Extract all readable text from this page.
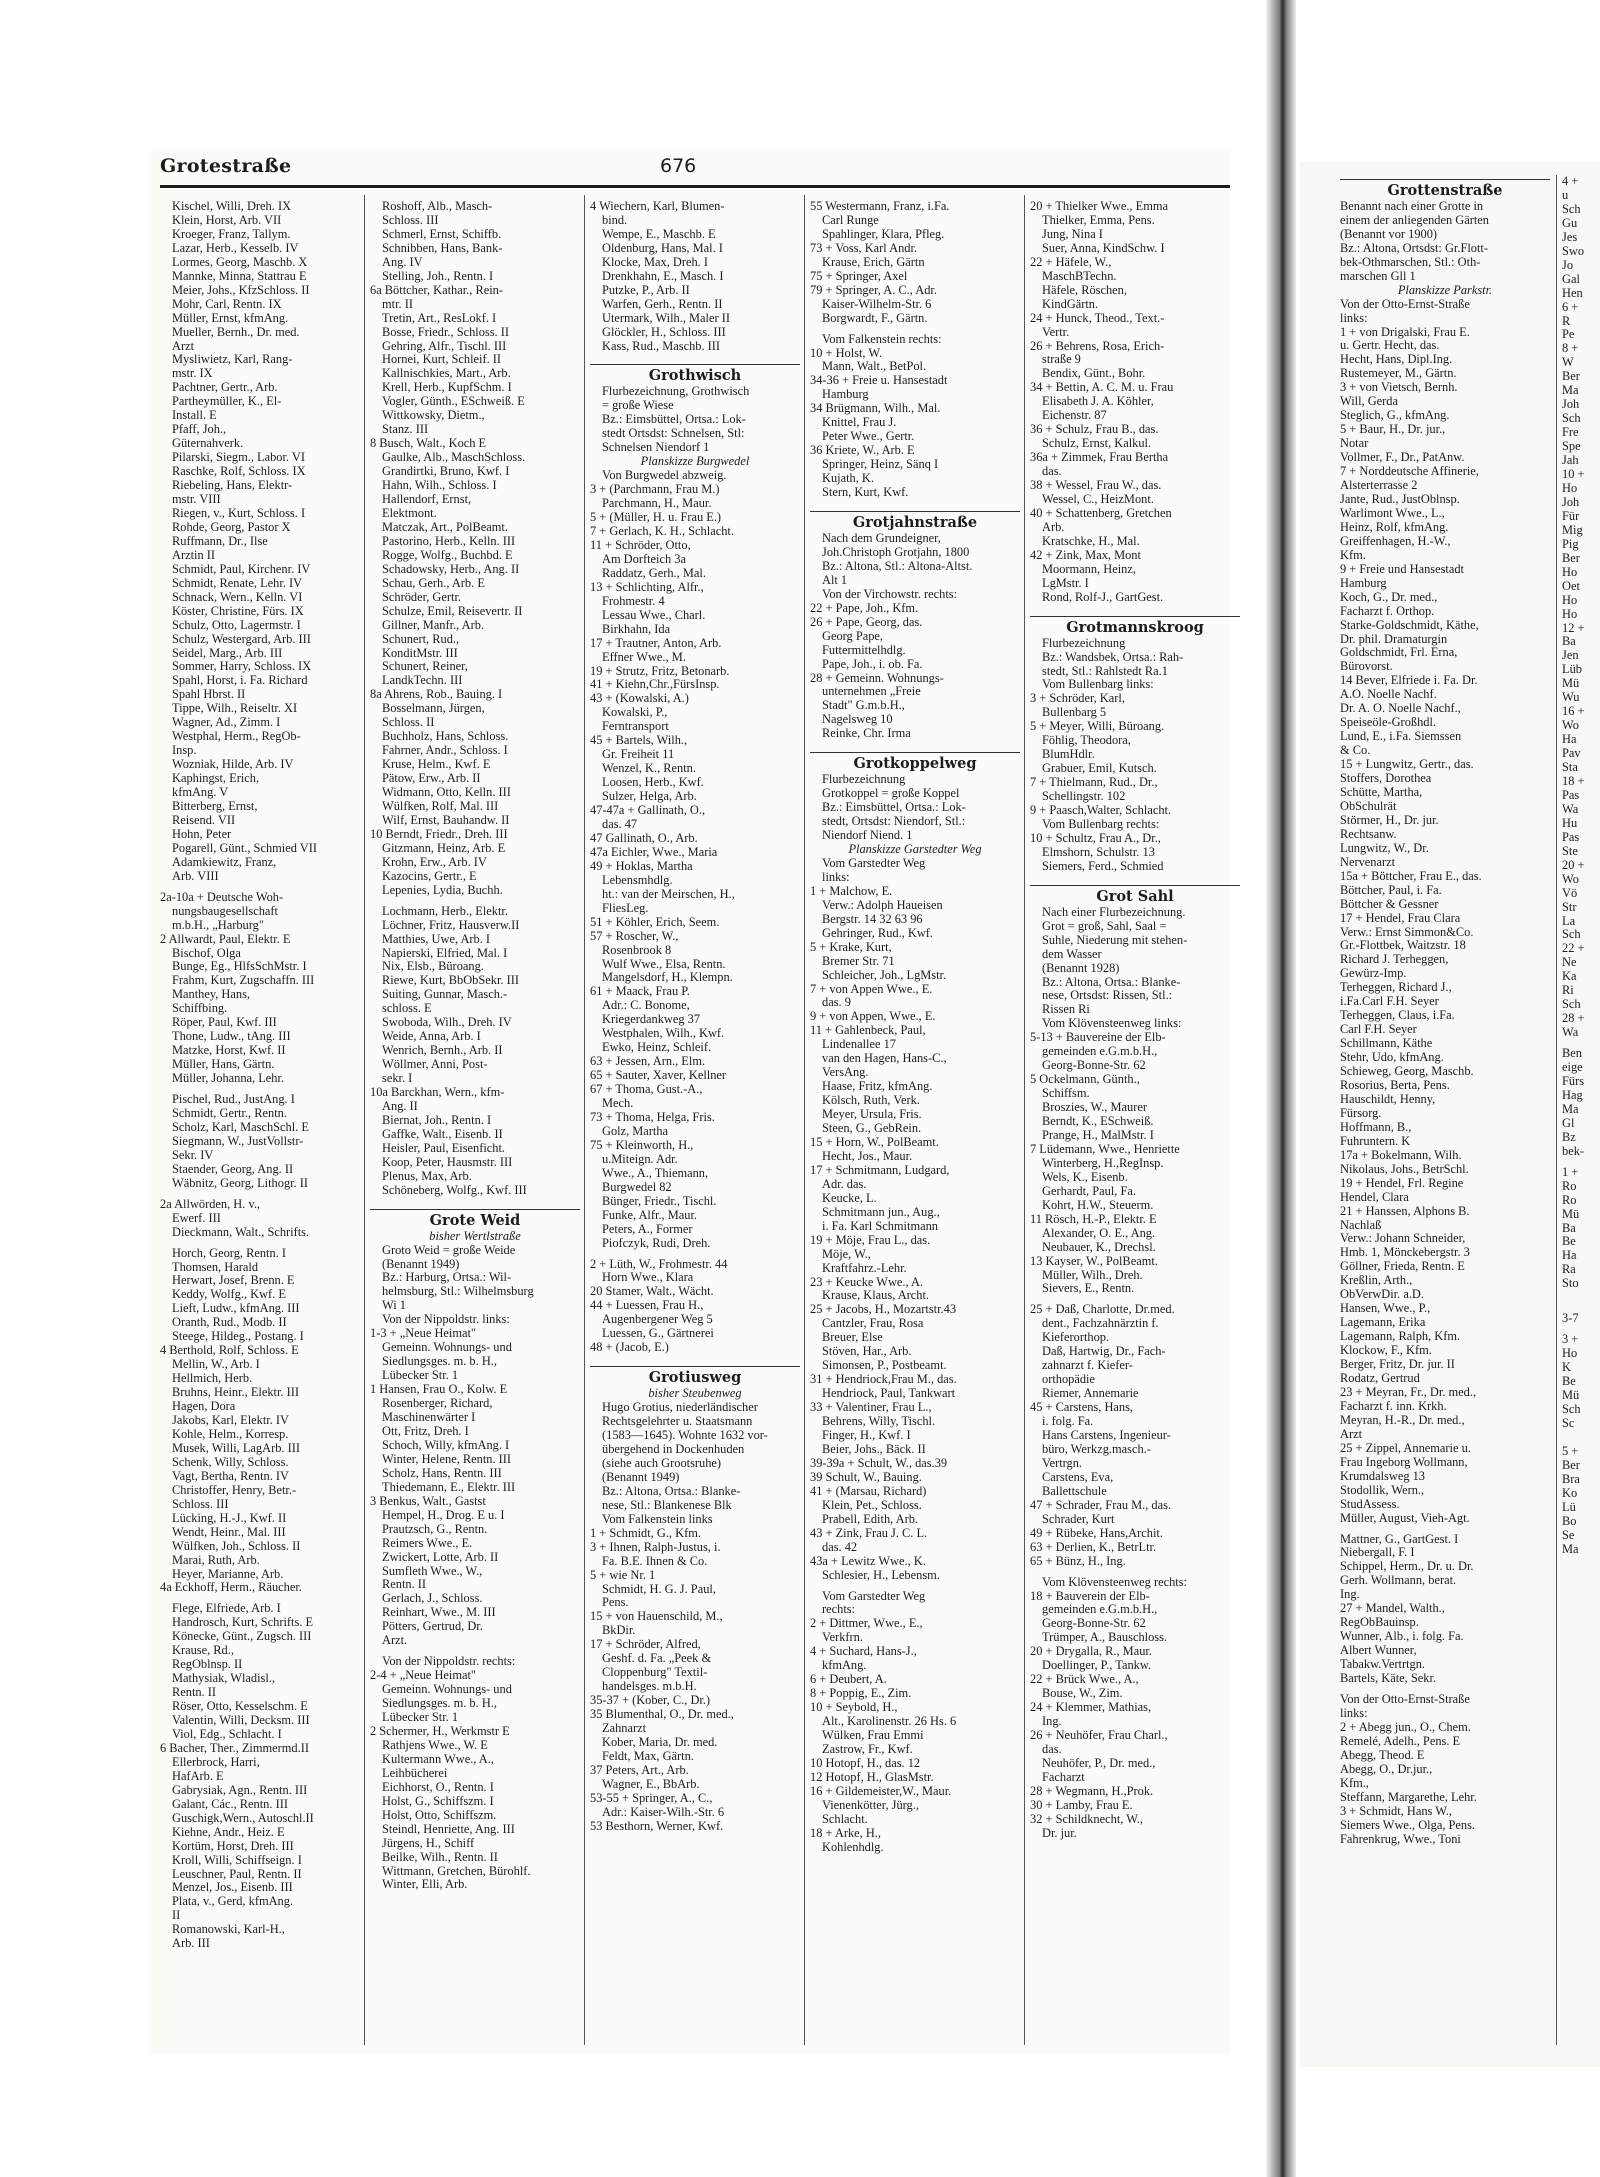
Grotestraße	676
Kischel, Willi, Dreh. IX
Klein, Horst, Arb. VII
Kroeger, Franz, Tallym.
Lazar, Herb., Kesselb. IV
Lormes, Georg, Maschb. X
Mannke, Minna, Stattrau E
Meier, Johs., KfzSchloss. II
Mohr, Carl, Rentn. IX
Müller, Ernst, kfmAng.
Mueller, Bernh., Dr. med.
Arzt
Mysliwietz, Karl, Rang-
mstr. IX
Pachtner, Gertr., Arb.
Partheymüller, K., El-
Install. E
Pfaff, Joh.,
Güternahverk.
Pilarski, Siegm., Labor. VI
Raschke, Rolf, Schloss. IX
Riebeling, Hans, Elektr-
mstr. VIII
Riegen, v., Kurt, Schloss. I
Rohde, Georg, Pastor X
Ruffmann, Dr., Ilse
Arztin II
Schmidt, Paul, Kirchenr. IV
Schmidt, Renate, Lehr. IV
Schnack, Wern., Kelln. VI
Köster, Christine, Fürs. IX
Schulz, Otto, Lagermstr. I
Schulz, Westergard, Arb. III
Seidel, Marg., Arb. III
Sommer, Harry, Schloss. IX
Spahl, Horst, i. Fa. Richard
Spahl Hbrst. II
Tippe, Wilh., Reiseltr. XI
Wagner, Ad., Zimm. I
Westphal, Herm., RegOb-
Insp.
Wozniak, Hilde, Arb. IV
Kaphingst, Erich,
kfmAng. V
Bitterberg, Ernst,
Reisend. VII
Hohn, Peter
Pogarell, Günt., Schmied VII
Adamkiewitz, Franz,
Arb. VIII
2a-10a + Deutsche Woh-
nungsbaugesellschaft
m.b.H., „Harburg"
2 Allwardt, Paul, Elektr. E
Bischof, Olga
Bunge, Eg., HlfsSchMstr. I
Frahm, Kurt, Zugschaffn. III
Manthey, Hans,
Schiffbing.
Röper, Paul, Kwf. III
Thone, Ludw., tAng. III
Matzke, Horst, Kwf. II
Müller, Hans, Gärtn.
Müller, Johanna, Lehr.
Pischel, Rud., JustAng. I
Schmidt, Gertr., Rentn.
Scholz, Karl, MaschSchl. E
Siegmann, W., JustVollstr-
Sekr. IV
Staender, Georg, Ang. II
Wäbnitz, Georg, Lithogr. II
2a Allwörden, H. v.,
Ewerf. III
Dieckmann, Walt., Schrifts.
Horch, Georg, Rentn. I
Thomsen, Harald
Herwart, Josef, Brenn. E
Keddy, Wolfg., Kwf. E
Lieft, Ludw., kfmAng. III
Oranth, Rud., Modb. II
Steege, Hildeg., Postang. I
4 Berthold, Rolf, Schloss. E
Mellin, W., Arb. I
Hellmich, Herb.
Bruhns, Heinr., Elektr. III
Hagen, Dora
Jakobs, Karl, Elektr. IV
Kohle, Helm., Korresp.
Musek, Willi, LagArb. III
Schenk, Willy, Schloss.
Vagt, Bertha, Rentn. IV
Christoffer, Henry, Betr.-
Schloss. III
Lücking, H.-J., Kwf. II
Wendt, Heinr., Mal. III
Wülfken, Joh., Schloss. II
Marai, Ruth, Arb.
Heyer, Marianne, Arb.
4a Eckhoff, Herm., Räucher.
Flege, Elfriede, Arb. I
Handrosch, Kurt, Schrifts. E
Könecke, Günt., Zugsch. III
Krause, Rd.,
RegOblnsp. II
Mathysiak, Wladisl.,
Rentn. II
Röser, Otto, Kesselschm. E
Valentin, Willi, Decksm. III
Viol, Edg., Schlacht. I
6 Bacher, Ther., Zimmermd.II
Ellerbrock, Harri,
HafArb. E
Gabrysiak, Agn., Rentn. III
Galant, Các., Rentn. III
Guschigk,Wern., Autoschl.II
Kiehne, Andr., Heiz. E
Kortüm, Horst, Dreh. III
Kroll, Willi, Schiffseign. I
Leuschner, Paul, Rentn. II
Menzel, Jos., Eisenb. III
Plata, v., Gerd, kfmAng.
II
Romanowski, Karl-H.,
Arb. III
Roshoff, Alb., Masch-
Schloss. III
Schmerl, Ernst, Schiffb.
Schnibben, Hans, Bank-
Ang. IV
Stelling, Joh., Rentn. I
6a Böttcher, Kathar., Rein-
mtr. II
Tretin, Art., ResLokf. I
Bosse, Friedr., Schloss. II
Gehring, Alfr., Tischl. III
Hornei, Kurt, Schleif. II
Kallnischkies, Mart., Arb.
Krell, Herb., KupfSchm. I
Vogler, Günth., ESchweiß. E
Wittkowsky, Dietm.,
Stanz. III
8 Busch, Walt., Koch E
Gaulke, Alb., MaschSchloss.
Grandirtki, Bruno, Kwf. I
Hahn, Wilh., Schloss. I
Hallendorf, Ernst,
Elektmont.
Matczak, Art., PolBeamt.
Pastorino, Herb., Kelln. III
Rogge, Wolfg., Buchbd. E
Schadowsky, Herb., Ang. II
Schau, Gerh., Arb. E
Schröder, Gertr.
Schulze, Emil, Reisevertr. II
Gillner, Manfr., Arb.
Schunert, Rud.,
KonditMstr. III
Schunert, Reiner,
LandkTechn. III
8a Ahrens, Rob., Bauing. I
Bosselmann, Jürgen,
Schloss. II
Buchholz, Hans, Schloss.
Fahrner, Andr., Schloss. I
Kruse, Helm., Kwf. E
Pätow, Erw., Arb. II
Widmann, Otto, Kelln. III
Wülfken, Rolf, Mal. III
Wilf, Ernst, Bauhandw. II
10 Berndt, Friedr., Dreh. III
Gitzmann, Heinz, Arb. E
Krohn, Erw., Arb. IV
Kazocins, Gertr., E
Lepenies, Lydia, Buchh.
Lochmann, Herb., Elektr.
Löchner, Fritz, Hausverw.II
Matthies, Uwe, Arb. I
Napierski, Elfried, Mal. I
Nix, Elsb., Büroang.
Riewe, Kurt, BbObSekr. III
Suiting, Gunnar, Masch.-
schloss. E
Swoboda, Wilh., Dreh. IV
Weide, Anna, Arb. I
Wenrich, Bernh., Arb. II
Wöllmer, Anni, Post-
sekr. I
10a Barckhan, Wern., kfm-
Ang. II
Biernat, Joh., Rentn. I
Gaffke, Walt., Eisenb. II
Heisler, Paul, Eisenficht.
Koop, Peter, Hausmstr. III
Plenus, Max, Arb.
Schöneberg, Wolfg., Kwf. III
Grote Weid
bisher Wertlstraße
Groto Weid = große Weide
(Benannt 1949)
Bz.: Harburg, Ortsa.: Wil-
helmsburg, Stl.: Wilhelmsburg
Wi 1
Von der Nippoldstr. links:
1-3 + „Neue Heimat"
Gemeinn. Wohnungs- und
Siedlungsges. m. b. H.,
Lübecker Str. 1
1 Hansen, Frau O., Kolw. E
Rosenberger, Richard,
Maschinenwärter I
Ott, Fritz, Dreh. I
Schoch, Willy, kfmAng. I
Winter, Helene, Rentn. III
Scholz, Hans, Rentn. III
Thiedemann, E., Elektr. III
3 Benkus, Walt., Gastst
Hempel, H., Drog. E u. I
Prautzsch, G., Rentn.
Reimers Wwe., E.
Zwickert, Lotte, Arb. II
Sumfleth Wwe., W.,
Rentn. II
Gerlach, J., Schloss.
Reinhart, Wwe., M. III
Pötters, Gertrud, Dr.
Arzt.
Von der Nippoldstr. rechts:
2-4 + „Neue Heimat"
Gemeinn. Wohnungs- und
Siedlungsges. m. b. H.,
Lübecker Str. 1
2 Schermer, H., Werkmstr E
Rathjens Wwe., W. E
Kultermann Wwe., A.,
Leihbücherei
Eichhorst, O., Rentn. I
Holst, G., Schiffszm. I
Holst, Otto, Schiffszm.
Steindl, Henriette, Ang. III
Jürgens, H., Schiff
Beilke, Wilh., Rentn. II
Wittmann, Gretchen, Bürohlf.
Winter, Elli, Arb.
4 Wiechern, Karl, Blumen-
bind.
Wempe, E., Maschb. E
Oldenburg, Hans, Mal. I
Klocke, Max, Dreh. I
Drenkhahn, E., Masch. I
Putzke, P., Arb. II
Warfen, Gerh., Rentn. II
Utermark, Wilh., Maler II
Glöckler, H., Schloss. III
Kass, Rud., Maschb. III
Grothwisch
Flurbezeichnung, Grothwisch
= große Wiese
Bz.: Eimsbüttel, Ortsa.: Lok-
stedt Ortsdst: Schnelsen, Stl:
Schnelsen Niendorf 1
Planskizze Burgwedel
Von Burgwedel abzweig.
3 + (Parchmann, Frau M.)
Parchmann, H., Maur.
5 + (Müller, H. u. Frau E.)
7 + Gerlach, K. H., Schlacht.
11 + Schröder, Otto,
Am Dorfteich 3a
Raddatz, Gerh., Mal.
13 + Schlichting, Alfr.,
Frohmestr. 4
Lessau Wwe., Charl.
Birkhahn, Ida
17 + Trautner, Anton, Arb.
Effner Wwe., M.
19 + Strutz, Fritz, Betonarb.
41 + Kiehn,Chr.,FürsInsp.
43 + (Kowalski, A.)
Kowalski, P.,
Ferntransport
45 + Bartels, Wilh.,
Gr. Freiheit 11
Wenzel, K., Rentn.
Loosen, Herb., Kwf.
Sulzer, Helga, Arb.
47-47a + Gallinath, O.,
das. 47
47 Gallinath, O., Arb.
47a Eichler, Wwe., Maria
49 + Hoklas, Martha
Lebensmhdlg.
ht.: van der Meirschen, H.,
FliesLeg.
51 + Köhler, Erich, Seem.
57 + Roscher, W.,
Rosenbrook 8
Wulf Wwe., Elsa, Rentn.
Mangelsdorf, H., Klempn.
61 + Maack, Frau P.
Adr.: C. Bonome,
Kriegerdankweg 37
Westphalen, Wilh., Kwf.
Ewko, Heinz, Schleif.
63 + Jessen, Arn., Elm.
65 + Sauter, Xaver, Kellner
67 + Thoma, Gust.-A.,
Mech.
73 + Thoma, Helga, Fris.
Golz, Martha
75 + Kleinworth, H.,
u.Miteign. Adr.
Wwe., A., Thiemann,
Burgwedel 82
Bünger, Friedr., Tischl.
Funke, Alfr., Maur.
Peters, A., Former
Piofczyk, Rudi, Dreh.
2 + Lüth, W., Frohmestr. 44
Horn Wwe., Klara
20 Stamer, Walt., Wächt.
44 + Luessen, Frau H.,
Augenbergener Weg 5
Luessen, G., Gärtnerei
48 + (Jacob, E.)
Grotiusweg
bisher Steubenweg
Hugo Grotius, niederländischer
Rechtsgelehrter u. Staatsmann
(1583—1645). Wohnte 1632 vor-
übergehend in Dockenhuden
(siehe auch Grootsruhe)
(Benannt 1949)
Bz.: Altona, Ortsa.: Blanke-
nese, Stl.: Blankenese Blk
Vom Falkenstein links
1 + Schmidt, G., Kfm.
3 + Ihnen, Ralph-Justus, i.
Fa. B.E. Ihnen & Co.
5 + wie Nr. 1
Schmidt, H. G. J. Paul,
Pens.
15 + von Hauenschild, M.,
BkDir.
17 + Schröder, Alfred,
Geshf. d. Fa. „Peek &
Cloppenburg" Textil-
handelsges. m.b.H.
35-37 + (Kober, C., Dr.)
35 Blumenthal, O., Dr. med.,
Zahnarzt
Kober, Maria, Dr. med.
Feldt, Max, Gärtn.
37 Peters, Art., Arb.
Wagner, E., BbArb.
53-55 + Springer, A., C.,
Adr.: Kaiser-Wilh.-Str. 6
53 Besthorn, Werner, Kwf.
55 Westermann, Franz, i.Fa.
Carl Runge
Spahlinger, Klara, Pfleg.
73 + Voss, Karl Andr.
Krause, Erich, Gärtn
75 + Springer, Axel
79 + Springer, A. C., Adr.
Kaiser-Wilhelm-Str. 6
Borgwardt, F., Gärtn.
Vom Falkenstein rechts:
10 + Holst, W.
Mann, Walt., BetPol.
34-36 + Freie u. Hansestadt
Hamburg
34 Brügmann, Wilh., Mal.
Knittel, Frau J.
Peter Wwe., Gertr.
36 Kriete, W., Arb. E
Springer, Heinz, Sänq I
Kujath, K.
Stern, Kurt, Kwf.
Grotjahnstraße
Nach dem Grundeigner,
Joh.Christoph Grotjahn, 1800
Bz.: Altona, Stl.: Altona-Altst.
Alt 1
Von der Virchowstr. rechts:
22 + Pape, Joh., Kfm.
26 + Pape, Georg, das.
Georg Pape,
Futtermittelhdlg.
Pape, Joh., i. ob. Fa.
28 + Gemeinn. Wohnungs-
unternehmen „Freie
Stadt" G.m.b.H.,
Nagelsweg 10
Reinke, Chr. Irma
Grotkoppelweg
Flurbezeichnung
Grotkoppel = große Koppel
Bz.: Eimsbüttel, Ortsa.: Lok-
stedt, Ortsdst: Niendorf, Stl.:
Niendorf Niend. 1
Planskizze Garstedter Weg
Vom Garstedter Weg
links:
1 + Malchow, E.
Verw.: Adolph Haueisen
Bergstr. 14 32 63 96
Gehringer, Rud., Kwf.
5 + Krake, Kurt,
Bremer Str. 71
Schleicher, Joh., LgMstr.
7 + von Appen Wwe., E.
das. 9
9 + von Appen, Wwe., E.
11 + Gahlenbeck, Paul,
Lindenallee 17
van den Hagen, Hans-C.,
VersAng.
Haase, Fritz, kfmAng.
Kölsch, Ruth, Verk.
Meyer, Ursula, Fris.
Steen, G., GebRein.
15 + Horn, W., PolBeamt.
Hecht, Jos., Maur.
17 + Schmitmann, Ludgard,
Adr. das.
Keucke, L.
Schmitmann jun., Aug.,
i. Fa. Karl Schmitmann
19 + Möje, Frau L., das.
Möje, W.,
Kraftfahrz.-Lehr.
23 + Keucke Wwe., A.
Krause, Klaus, Archt.
25 + Jacobs, H., Mozartstr.43
Cantzler, Frau, Rosa
Breuer, Else
Stöven, Har., Arb.
Simonsen, P., Postbeamt.
31 + Hendriock,Frau M., das.
Hendriock, Paul, Tankwart
33 + Valentiner, Frau L.,
Behrens, Willy, Tischl.
Finger, H., Kwf. I
Beier, Johs., Bäck. II
39-39a + Schult, W., das.39
39 Schult, W., Bauing.
41 + (Marsau, Richard)
Klein, Pet., Schloss.
Prabell, Edith, Arb.
43 + Zink, Frau J. C. L.
das. 42
43a + Lewitz Wwe., K.
Schlesier, H., Lebensm.
Vom Garstedter Weg
rechts:
2 + Dittmer, Wwe., E.,
Verkfrn.
4 + Suchard, Hans-J.,
kfmAng.
6 + Deubert, A.
8 + Poppig, E., Zim.
10 + Seybold, H.,
Alt., Karolinenstr. 26 Hs. 6
Wülken, Frau Emmi
Zastrow, Fr., Kwf.
10 Hotopf, H., das. 12
12 Hotopf, H., GlasMstr.
16 + Gildemeister,W., Maur.
Vienenkötter, Jürg.,
Schlacht.
18 + Arke, H.,
Kohlenhdlg.
20 + Thielker Wwe., Emma
Thielker, Emma, Pens.
Jung, Nina I
Suer, Anna, KindSchw. I
22 + Häfele, W.,
MaschBTechn.
Häfele, Röschen,
KindGärtn.
24 + Hunck, Theod., Text.-
Vertr.
26 + Behrens, Rosa, Erich-
straße 9
Bendix, Günt., Bohr.
34 + Bettin, A. C. M. u. Frau
Elisabeth J. A. Köhler,
Eichenstr. 87
36 + Schulz, Frau B., das.
Schulz, Ernst, Kalkul.
36a + Zimmek, Frau Bertha
das.
38 + Wessel, Frau W., das.
Wessel, C., HeizMont.
40 + Schattenberg, Gretchen
Arb.
Kratschke, H., Mal.
42 + Zink, Max, Mont
Moormann, Heinz,
LgMstr. I
Rond, Rolf-J., GartGest.
Grotmannskroog
Flurbezeichnung
Bz.: Wandsbek, Ortsa.: Rah-
stedt, Stl.: Rahlstedt Ra.1
Vom Bullenbarg links:
3 + Schröder, Karl,
Bullenbarg 5
5 + Meyer, Willi, Büroang.
Föhlig, Theodora,
BlumHdlr.
Grabuer, Emil, Kutsch.
7 + Thielmann, Rud., Dr.,
Schellingstr. 102
9 + Paasch,Walter, Schlacht.
Vom Bullenbarg rechts:
10 + Schultz, Frau A., Dr.,
Elmshorn, Schulstr. 13
Siemers, Ferd., Schmied
Grot Sahl
Nach einer Flurbezeichnung.
Grot = groß, Sahl, Saal =
Suhle, Niederung mit stehen-
dem Wasser
(Benannt 1928)
Bz.: Altona, Ortsa.: Blanke-
nese, Ortsdst: Rissen, Stl.:
Rissen Ri
Vom Klövensteenweg links:
5-13 + Bauvereine der Elb-
gemeinden e.G.m.b.H.,
Georg-Bonne-Str. 62
5 Ockelmann, Günth.,
Schiffsm.
Broszies, W., Maurer
Berndt, K., ESchweiß.
Prange, H., MalMstr. I
7 Lüdemann, Wwe., Henriette
Winterberg, H.,RegInsp.
Wels, K., Eisenb.
Gerhardt, Paul, Fa.
Kohrt, H.W., Steuerm.
11 Rösch, H.-P., Elektr. E
Alexander, O. E., Ang.
Neubauer, K., Drechsl.
13 Kayser, W., PolBeamt.
Müller, Wilh., Dreh.
Sievers, E., Rentn.
25 + Daß, Charlotte, Dr.med.
dent., Fachzahnärztin f.
Kieferorthop.
Daß, Hartwig, Dr., Fach-
zahnarzt f. Kiefer-
orthopädie
Riemer, Annemarie
45 + Carstens, Hans,
i. folg. Fa.
Hans Carstens, Ingenieur-
büro, Werkzg.masch.-
Vertrgn.
Carstens, Eva,
Ballettschule
47 + Schrader, Frau M., das.
Schrader, Kurt
49 + Rübeke, Hans,Archit.
63 + Derlien, K., BetrLtr.
65 + Bünz, H., Ing.
Vom Klövensteenweg rechts:
18 + Bauverein der Elb-
gemeinden e.G.m.b.H.,
Georg-Bonne-Str. 62
Trümper, A., Bauschloss.
20 + Drygalla, R., Maur.
Doellinger, P., Tankw.
22 + Brück Wwe., A.,
Bouse, W., Zim.
24 + Klemmer, Mathias,
Ing.
26 + Neuhöfer, Frau Charl.,
das.
Neuhöfer, P., Dr. med.,
Facharzt
28 + Wegmann, H.,Prok.
30 + Lamby, Frau E.
32 + Schildknecht, W.,
Dr. jur.
Grottenstraße
Benannt nach einer Grotte in
einem der anliegenden Gärten
(Benannt vor 1900)
Bz.: Altona, Ortsdst: Gr.Flott-
bek-Othmarschen, Stl.: Oth-
marschen Gll 1
Planskizze Parkstr.
Von der Otto-Ernst-Straße
links:
1 + von Drigalski, Frau E.
u. Gertr. Hecht, das.
Hecht, Hans, Dipl.Ing.
Rustemeyer, M., Gärtn.
3 + von Vietsch, Bernh.
Will, Gerda
Steglich, G., kfmAng.
5 + Baur, H., Dr. jur.,
Notar
Vollmer, F., Dr., PatAnw.
7 + Norddeutsche Affinerie,
Alsterterrasse 2
Jante, Rud., JustOblnsp.
Warlimont Wwe., L.,
Heinz, Rolf, kfmAng.
Greiffenhagen, H.-W.,
Kfm.
9 + Freie und Hansestadt
Hamburg
Koch, G., Dr. med.,
Facharzt f. Orthop.
Starke-Goldschmidt, Käthe,
Dr. phil. Dramaturgin
Goldschmidt, Frl. Erna,
Bürovorst.
14 Bever, Elfriede i. Fa. Dr.
A.O. Noelle Nachf.
Dr. A. O. Noelle Nachf.,
Speiseöle-Großhdl.
Lund, E., i.Fa. Siemssen
& Co.
15 + Lungwitz, Gertr., das.
Stoffers, Dorothea
Schütte, Martha,
ObSchulrät
Störmer, H., Dr. jur.
Rechtsanw.
Lungwitz, W., Dr.
Nervenarzt
15a + Böttcher, Frau E., das.
Böttcher, Paul, i. Fa.
Böttcher & Gessner
17 + Hendel, Frau Clara
Verw.: Ernst Simmon&Co.
Gr.-Flottbek, Waitzstr. 18
Richard J. Terheggen,
Gewürz-Imp.
Terheggen, Richard J.,
i.Fa.Carl F.H. Seyer
Terheggen, Claus, i.Fa.
Carl F.H. Seyer
Schillmann, Käthe
Stehr, Udo, kfmAng.
Schieweg, Georg, Maschb.
Rosorius, Berta, Pens.
Hauschildt, Henny,
Fürsorg.
Hoffmann, B.,
Fuhruntern. K
17a + Bokelmann, Wilh.
Nikolaus, Johs., BetrSchl.
19 + Hendel, Frl. Regine
Hendel, Clara
21 + Hanssen, Alphons B.
Nachlaß
Verw.: Johann Schneider,
Hmb. 1, Mönckebergstr. 3
Göllner, Frieda, Rentn. E
Kreßlin, Arth.,
ObVerwDir. a.D.
Hansen, Wwe., P.,
Lagemann, Erika
Lagemann, Ralph, Kfm.
Klockow, F., Kfm.
Berger, Fritz, Dr. jur. II
Rodatz, Gertrud
23 + Meyran, Fr., Dr. med.,
Facharzt f. inn. Krkh.
Meyran, H.-R., Dr. med.,
Arzt
25 + Zippel, Annemarie u.
Frau Ingeborg Wollmann,
Krumdalsweg 13
Stodollik, Wern.,
StudAssess.
Müller, August, Vieh-Agt.
Mattner, G., GartGest. I
Niebergall, F. I
Schippel, Herm., Dr. u. Dr.
Gerh. Wollmann, berat.
Ing.
27 + Mandel, Walth.,
RegObBauinsp.
Wunner, Alb., i. folg. Fa.
Albert Wunner,
Tabakw.Vertrtgn.
Bartels, Käte, Sekr.
Von der Otto-Ernst-Straße
links:
2 + Abegg jun., O., Chem.
Remelé, Adelh., Pens. E
Abegg, Theod. E
Abegg, O., Dr.jur.,
Kfm.,
Steffann, Margarethe, Lehr.
3 + Schmidt, Hans W.,
Siemers Wwe., Olga, Pens.
Fahrenkrug, Wwe., Toni
4 +
u
Sch
Gu
Jes
Swo
Jo
Gal
Hen
6 +
R
Pe
8 +
W
Ber
Ma
Joh
Sch
Fre
Spe
Jah
10 +
Ho
Joh
Für
Mig
Pig
Ber
Ho
Oet
Ho
Ho
12 +
Ba
Jen
Lüb
Mü
Wu
16 +
Wo
Ha
Pav
Sta
18 +
Pas
Wa
Hu
Pas
Ste
20 +
Wo
Vö
Str
La
Sch
22 +
Ne
Ka
Ri
Sch
28 +
Wa
Ben
eige
Fürs
Hag
Ma
Gl
Bz
bek-
1 +
Ro
Ro
Mü
Ba
Be
Ha
Ra
Sto
3-7
3 +
Ho
K
Be
Mü
Sch
Sc
5 +
Ber
Bra
Ko
Lü
Bo
Se
Ma
